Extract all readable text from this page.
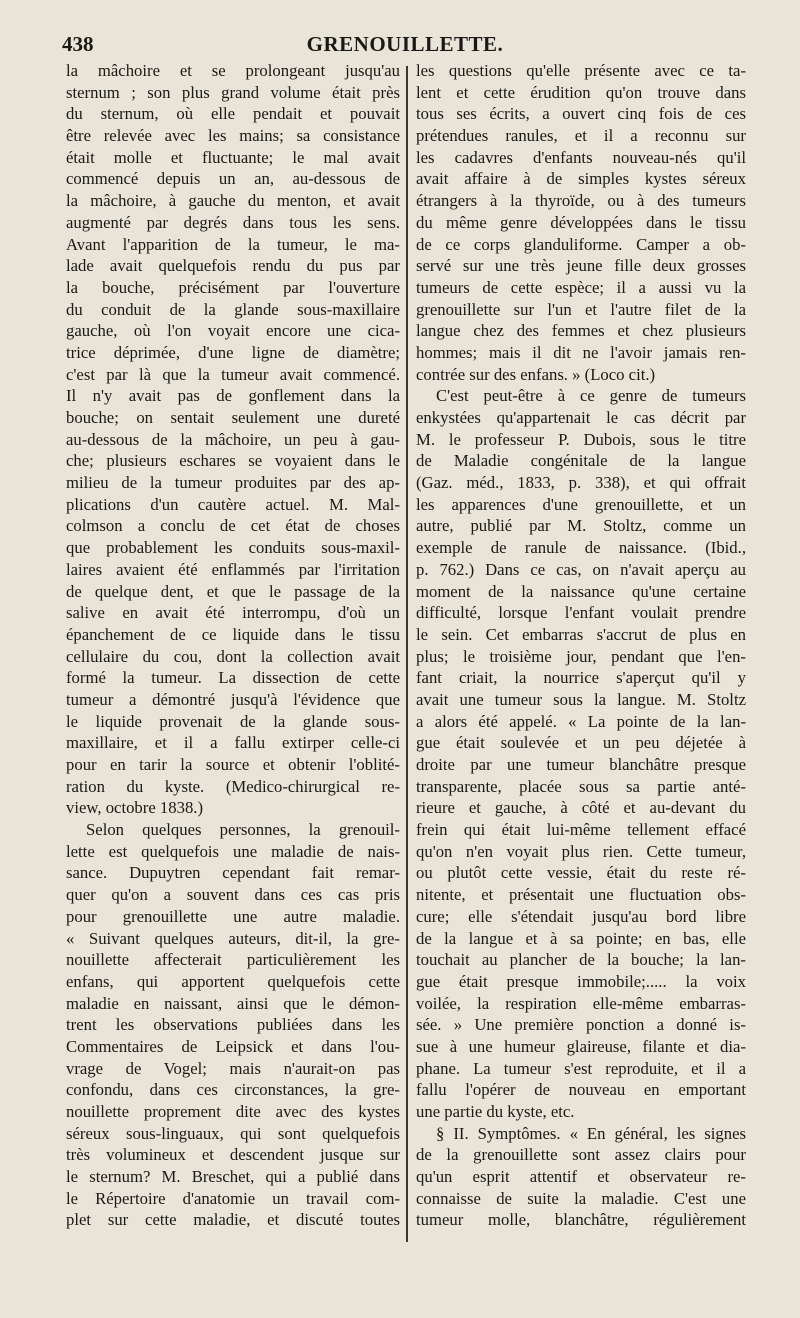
438	GRENOUILLETTE.
la mâchoire et se prolongeant jusqu'au
sternum ; son plus grand volume était près
du sternum, où elle pendait et pouvait
être relevée avec les mains; sa consistance
était molle et fluctuante; le mal avait
commencé depuis un an, au-dessous de
la mâchoire, à gauche du menton, et avait
augmenté par degrés dans tous les sens.
Avant l'apparition de la tumeur, le ma-
lade avait quelquefois rendu du pus par
la bouche, précisément par l'ouverture
du conduit de la glande sous-maxillaire
gauche, où l'on voyait encore une cica-
trice déprimée, d'une ligne de diamètre;
c'est par là que la tumeur avait commencé.
Il n'y avait pas de gonflement dans la
bouche; on sentait seulement une dureté
au-dessous de la mâchoire, un peu à gau-
che; plusieurs eschares se voyaient dans le
milieu de la tumeur produites par des ap-
plications d'un cautère actuel. M. Mal-
colmson a conclu de cet état de choses
que probablement les conduits sous-maxil-
laires avaient été enflammés par l'irritation
de quelque dent, et que le passage de la
salive en avait été interrompu, d'où un
épanchement de ce liquide dans le tissu
cellulaire du cou, dont la collection avait
formé la tumeur. La dissection de cette
tumeur a démontré jusqu'à l'évidence que
le liquide provenait de la glande sous-
maxillaire, et il a fallu extirper celle-ci
pour en tarir la source et obtenir l'oblité-
ration du kyste. (Medico-chirurgical re-
view, octobre 1838.)
Selon quelques personnes, la grenouil-
lette est quelquefois une maladie de nais-
sance. Dupuytren cependant fait remar-
quer qu'on a souvent dans ces cas pris
pour grenouillette une autre maladie.
« Suivant quelques auteurs, dit-il, la gre-
nouillette affecterait particulièrement les
enfans, qui apportent quelquefois cette
maladie en naissant, ainsi que le démon-
trent les observations publiées dans les
Commentaires de Leipsick et dans l'ou-
vrage de Vogel; mais n'aurait-on pas
confondu, dans ces circonstances, la gre-
nouillette proprement dite avec des kystes
séreux sous-linguaux, qui sont quelquefois
très volumineux et descendent jusque sur
le sternum? M. Breschet, qui a publié dans
le Répertoire d'anatomie un travail com-
plet sur cette maladie, et discuté toutes
les questions qu'elle présente avec ce ta-
lent et cette érudition qu'on trouve dans
tous ses écrits, a ouvert cinq fois de ces
prétendues ranules, et il a reconnu sur
les cadavres d'enfants nouveau-nés qu'il
avait affaire à de simples kystes séreux
étrangers à la thyroïde, ou à des tumeurs
du même genre développées dans le tissu
de ce corps glanduliforme. Camper a ob-
servé sur une très jeune fille deux grosses
tumeurs de cette espèce; il a aussi vu la
grenouillette sur l'un et l'autre filet de la
langue chez des femmes et chez plusieurs
hommes; mais il dit ne l'avoir jamais ren-
contrée sur des enfans. » (Loco cit.)
C'est peut-être à ce genre de tumeurs
enkystées qu'appartenait le cas décrit par
M. le professeur P. Dubois, sous le titre
de Maladie congénitale de la langue
(Gaz. méd., 1833, p. 338), et qui offrait
les apparences d'une grenouillette, et un
autre, publié par M. Stoltz, comme un
exemple de ranule de naissance. (Ibid.,
p. 762.) Dans ce cas, on n'avait aperçu au
moment de la naissance qu'une certaine
difficulté, lorsque l'enfant voulait prendre
le sein. Cet embarras s'accrut de plus en
plus; le troisième jour, pendant que l'en-
fant criait, la nourrice s'aperçut qu'il y
avait une tumeur sous la langue. M. Stoltz
a alors été appelé. « La pointe de la lan-
gue était soulevée et un peu déjetée à
droite par une tumeur blanchâtre presque
transparente, placée sous sa partie anté-
rieure et gauche, à côté et au-devant du
frein qui était lui-même tellement effacé
qu'on n'en voyait plus rien. Cette tumeur,
ou plutôt cette vessie, était du reste ré-
nitente, et présentait une fluctuation obs-
cure; elle s'étendait jusqu'au bord libre
de la langue et à sa pointe; en bas, elle
touchait au plancher de la bouche; la lan-
gue était presque immobile;..... la voix
voilée, la respiration elle-même embarras-
sée. » Une première ponction a donné is-
sue à une humeur glaireuse, filante et dia-
phane. La tumeur s'est reproduite, et il a
fallu l'opérer de nouveau en emportant
une partie du kyste, etc.
§ II. Symptômes. « En général, les signes
de la grenouillette sont assez clairs pour
qu'un esprit attentif et observateur re-
connaisse de suite la maladie. C'est une
tumeur molle, blanchâtre, régulièrement
